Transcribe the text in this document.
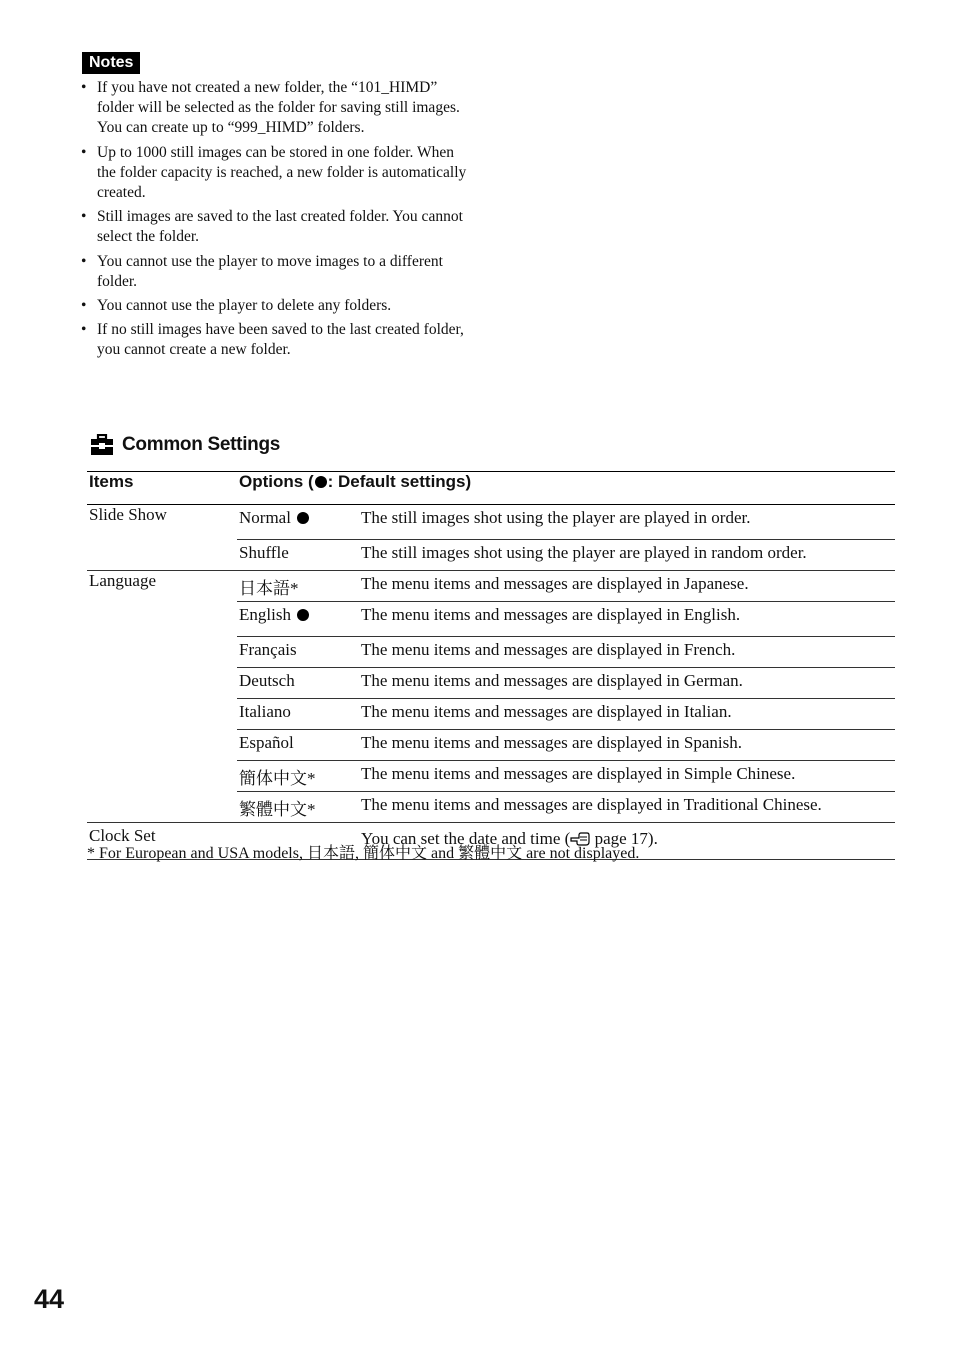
Notes
• If you have not created a new folder, the “101_HIMD” folder will be selected as the folder for saving still images. You can create up to “999_HIMD” folders.
• Up to 1000 still images can be stored in one folder. When the folder capacity is reached, a new folder is automatically created.
• Still images are saved to the last created folder. You cannot select the folder.
• You cannot use the player to move images to a different folder.
• You cannot use the player to delete any folders.
• If no still images have been saved to the last created folder, you cannot create a new folder.
Common Settings
Items	Options ( : Default settings)	
Slide Show	Normal	The still images shot using the player are played in order.
	Shuffle	The still images shot using the player are played in random order.
Language	日本語*	The menu items and messages are displayed in Japanese.
	English	The menu items and messages are displayed in English.
	Français	The menu items and messages are displayed in French.
	Deutsch	The menu items and messages are displayed in German.
	Italiano	The menu items and messages are displayed in Italian.
	Español	The menu items and messages are displayed in Spanish.
	簡体中文*	The menu items and messages are displayed in Simple Chinese.
	繁體中文*	The menu items and messages are displayed in Traditional Chinese.
Clock Set		You can set the date and time ( page 17).
* For European and USA models, 日本語, 簡体中文 and 繁體中文 are not displayed.
44
